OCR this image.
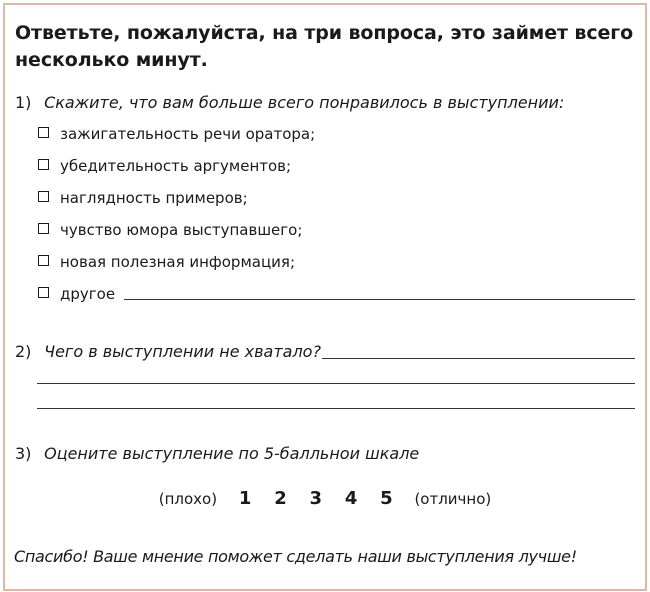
Ответьте, пожалуйста, на три вопроса, это займет всего несколько минут.
1) Скажите, что вам больше всего понравилось в выступлении:
зажигательность речи оратора;
убедительность аргументов;
наглядность примеров;
чувство юмора выступавшего;
новая полезная информация;
другое
2) Чего в выступлении не хватало?
3) Оцените выступление по 5-балльнои шкале
(плохо) 1 2 3 4 5 (отлично)
Спасибо! Ваше мнение поможет сделать наши выступления лучше!
